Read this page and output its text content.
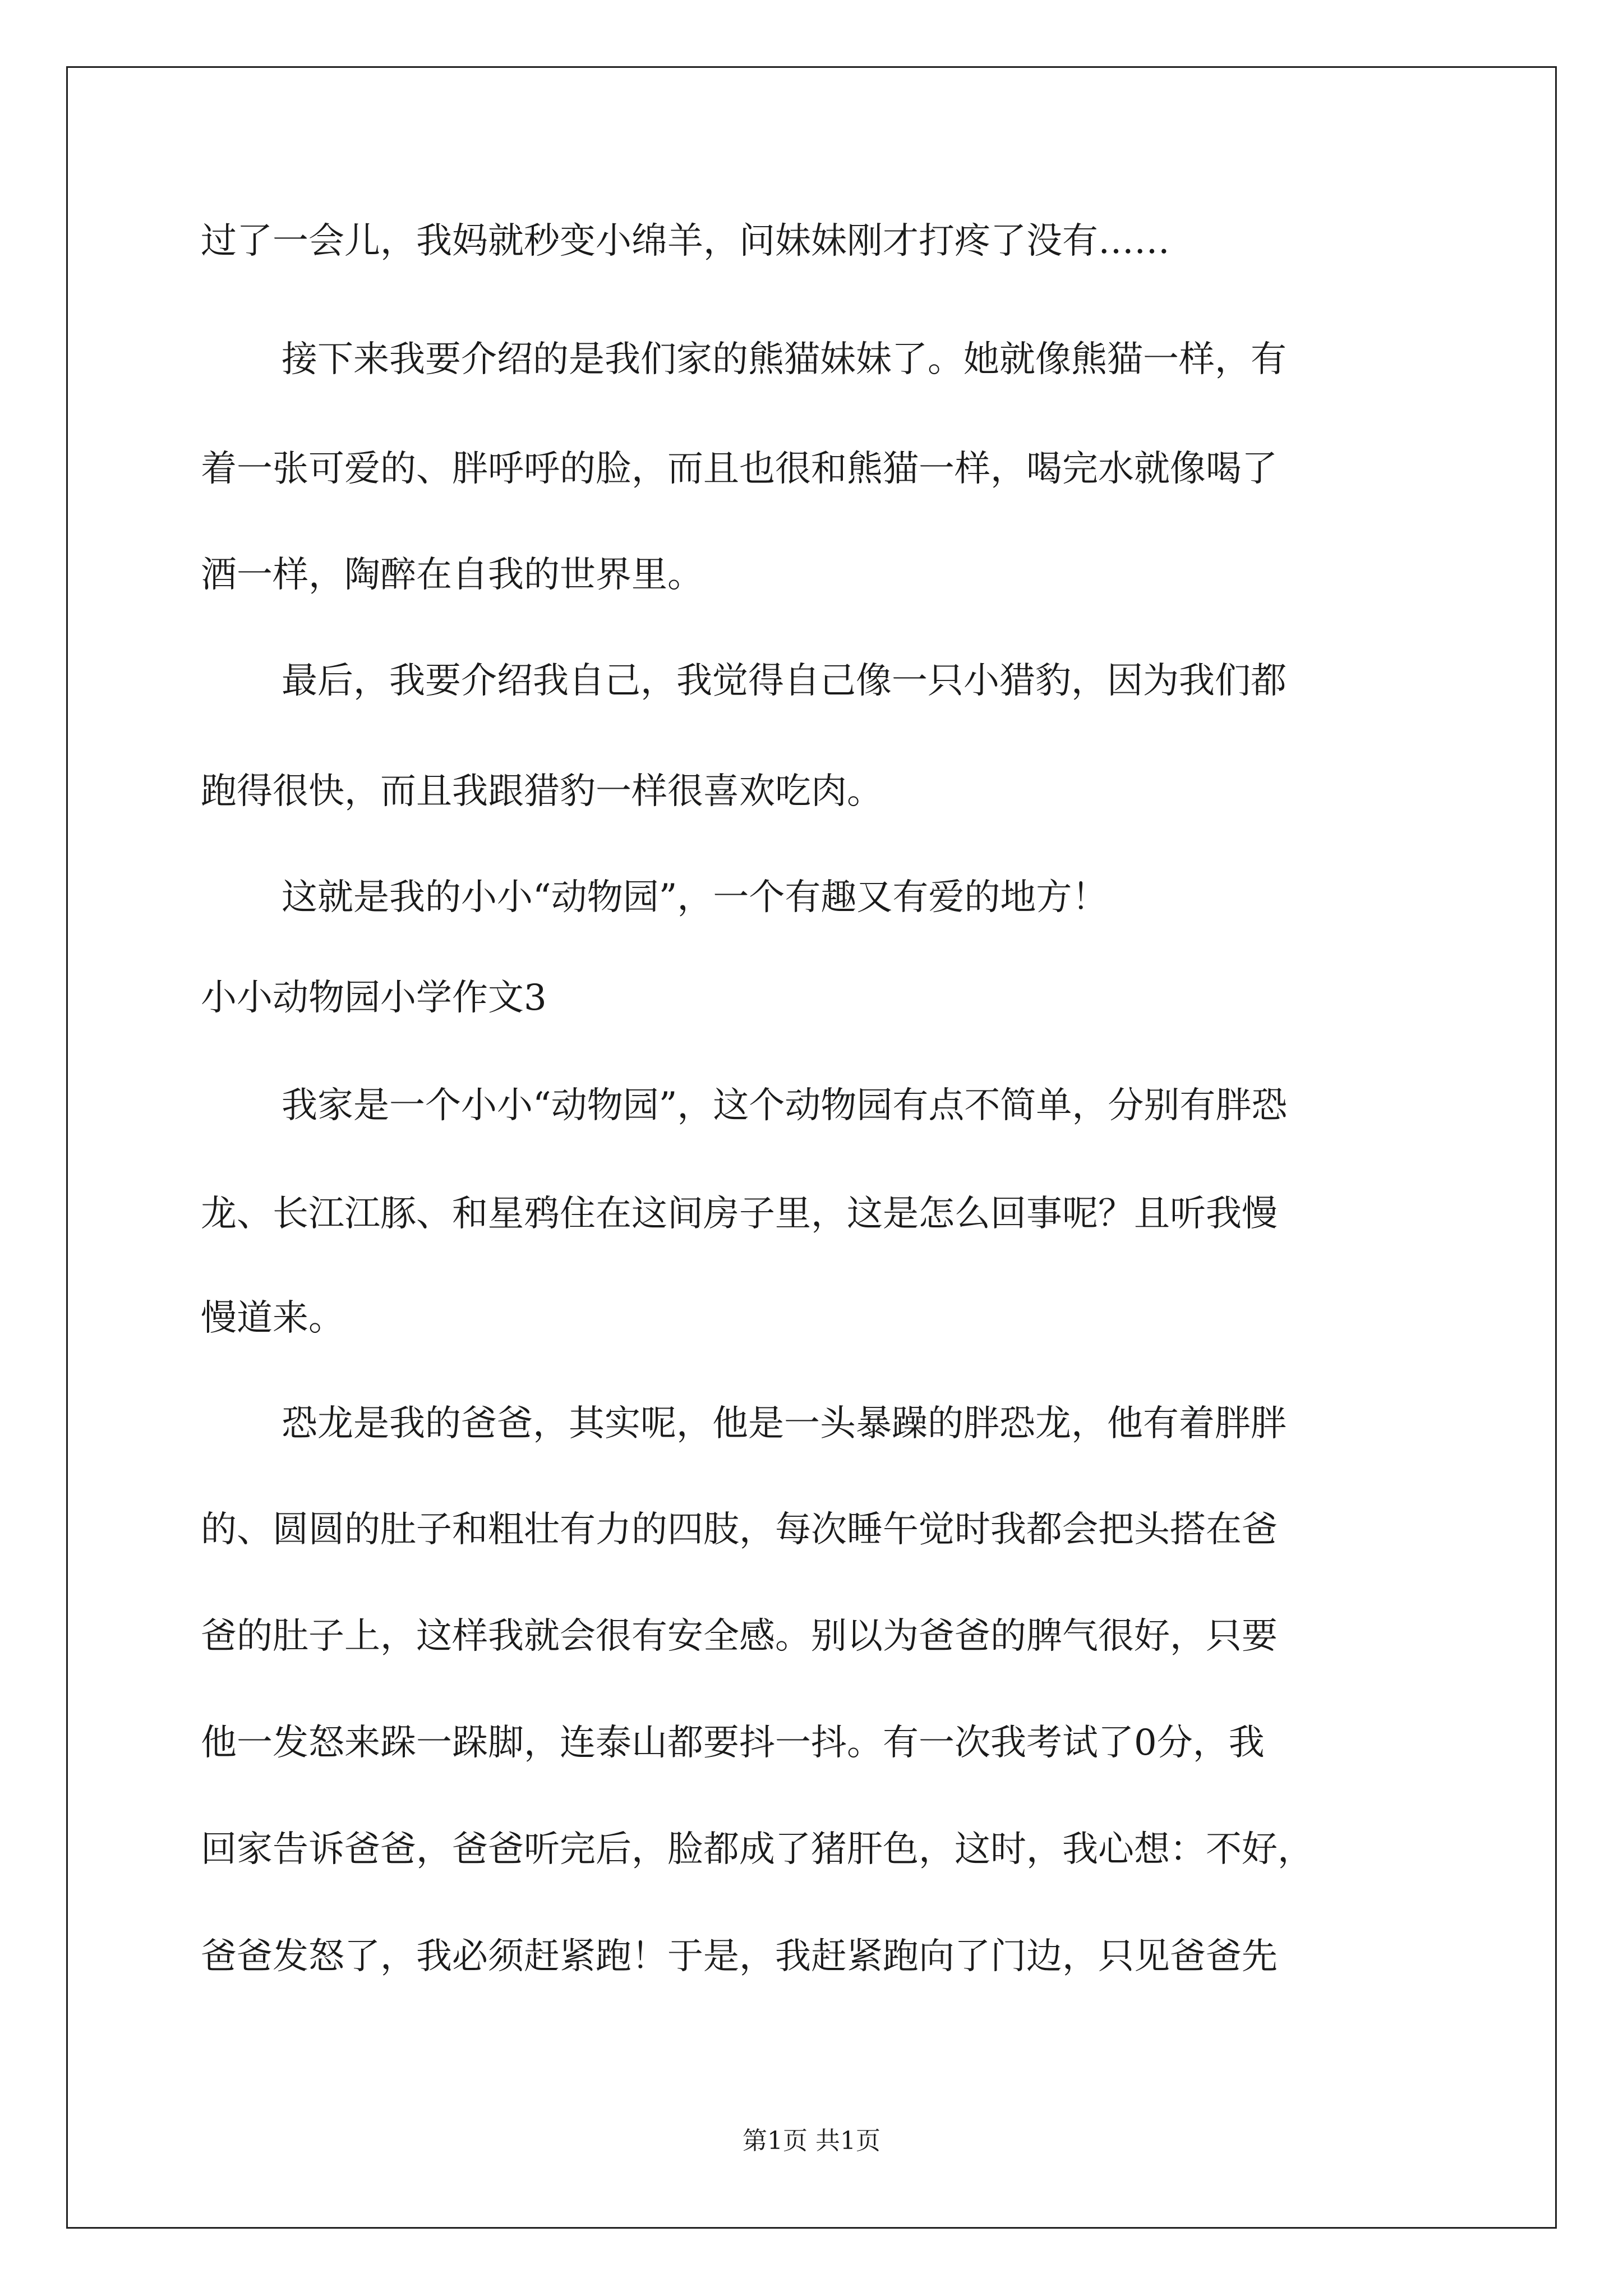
过了一会儿，我妈就秒变小绵羊，问妹妹刚才打疼了没有……
接下来我要介绍的是我们家的熊猫妹妹了。她就像熊猫一样，有
着一张可爱的、胖呼呼的脸，而且也很和熊猫一样，喝完水就像喝了
酒一样，陶醉在自我的世界里。
最后，我要介绍我自己，我觉得自己像一只小猎豹，因为我们都
跑得很快，而且我跟猎豹一样很喜欢吃肉。
这就是我的小小“动物园”，一个有趣又有爱的地方！
小小动物园小学作文3
我家是一个小小“动物园”，这个动物园有点不简单，分别有胖恐
龙、长江江豚、和星鸦住在这间房子里，这是怎么回事呢？且听我慢
慢道来。
恐龙是我的爸爸，其实呢，他是一头暴躁的胖恐龙，他有着胖胖
的、圆圆的肚子和粗壮有力的四肢，每次睡午觉时我都会把头搭在爸
爸的肚子上，这样我就会很有安全感。别以为爸爸的脾气很好，只要
他一发怒来跺一跺脚，连泰山都要抖一抖。有一次我考试了0分，我
回家告诉爸爸，爸爸听完后，脸都成了猪肝色，这时，我心想：不好，
爸爸发怒了，我必须赶紧跑！于是，我赶紧跑向了门边，只见爸爸先
第1页 共1页
